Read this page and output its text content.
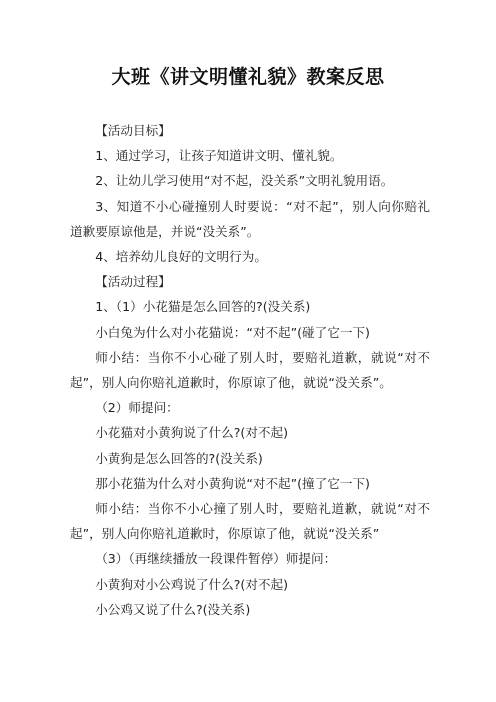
大班《讲文明懂礼貌》教案反思

【活动目标】

1、通过学习，让孩子知道讲文明、懂礼貌。

2、让幼儿学习使用“对不起，没关系”文明礼貌用语。

3、知道不小心碰撞别人时要说：“对不起”，别人向你赔礼道歉要原谅他是，并说“没关系”。

4、培养幼儿良好的文明行为。

【活动过程】

1、（1）小花猫是怎么回答的?(没关系)

小白兔为什么对小花猫说：“对不起”(碰了它一下)

师小结：当你不小心碰了别人时，要赔礼道歉，就说“对不起”，别人向你赔礼道歉时，你原谅了他，就说“没关系”。

（2）师提问：

小花猫对小黄狗说了什么?(对不起)

小黄狗是怎么回答的?(没关系)

那小花猫为什么对小黄狗说“对不起”(撞了它一下)

师小结：当你不小心撞了别人时，要赔礼道歉，就说“对不起”，别人向你赔礼道歉时，你原谅了他，就说“没关系”

（3）（再继续播放一段课件暂停）师提问：

小黄狗对小公鸡说了什么?(对不起)

小公鸡又说了什么?(没关系)
